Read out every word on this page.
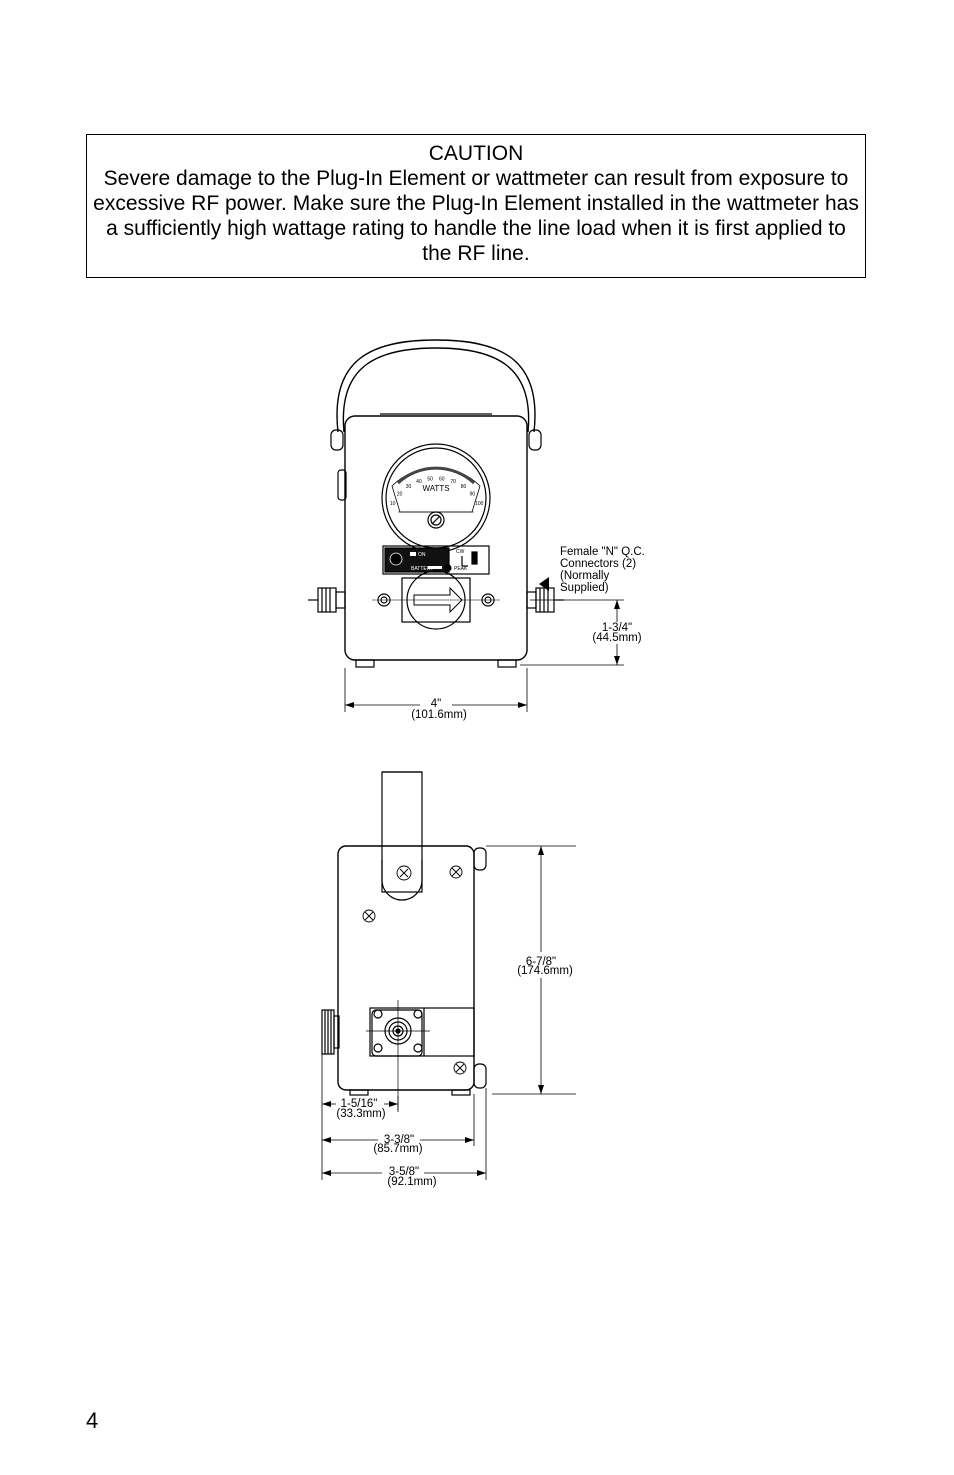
CAUTION
Severe damage to the Plug-In Element or wattmeter can result from exposure to excessive RF power. Make sure the Plug-In Element installed in the wattmeter has a sufficiently high wattage rating to handle the line load when it is first applied to the RF line.
10
20
30
40 50 60 70
80
90
100
WATTS
ON
BATTERY
CW
PEAK
Female "N" Q.C.
Connectors (2)
(Normally
Supplied)
1-3/4"
(44.5mm)
4"
(101.6mm)
6-7/8"
(174.6mm)
1-5/16"
(33.3mm)
3-3/8"
(85.7mm)
3-5/8"
(92.1mm)
4
